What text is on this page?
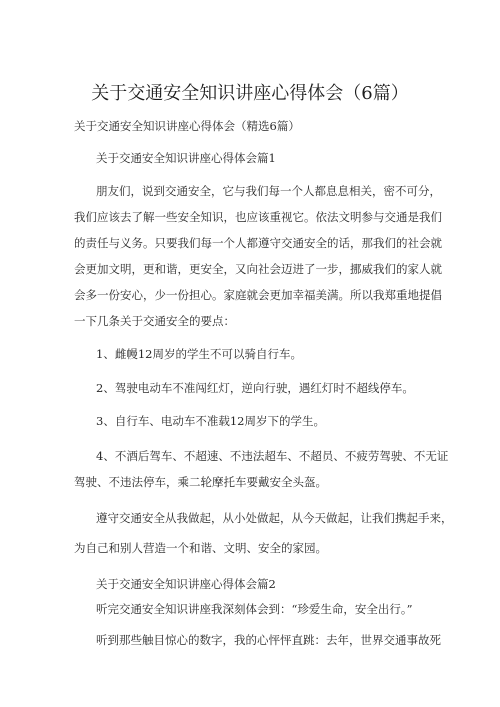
关于交通安全知识讲座心得体会（6篇）
关于交通安全知识讲座心得体会（精选6篇）
关于交通安全知识讲座心得体会篇1
朋友们，说到交通安全，它与我们每一个人都息息相关，密不可分，
我们应该去了解一些安全知识，也应该重视它。依法文明参与交通是我们
的责任与义务。只要我们每一个人都遵守交通安全的话，那我们的社会就
会更加文明，更和谐，更安全，又向社会迈进了一步，挪威我们的家人就
会多一份安心，少一份担心。家庭就会更加幸福美满。所以我郑重地提倡
一下几条关于交通安全的要点：
1、雌幔12周岁的学生不可以骑自行车。
2、驾驶电动车不准闯红灯，逆向行驶，遇红灯时不超线停车。
3、自行车、电动车不准载12周岁下的学生。
4、不酒后驾车、不超速、不违法超车、不超员、不疲劳驾驶、不无证
驾驶、不违法停车，乘二轮摩托车要戴安全头盔。
遵守交通安全从我做起，从小处做起，从今天做起，让我们携起手来，
为自己和别人营造一个和谐、文明、安全的家园。
关于交通安全知识讲座心得体会篇2
听完交通安全知识讲座我深刻体会到：“珍爱生命，安全出行。”
听到那些触目惊心的数字，我的心怦怦直跳：去年，世界交通事故死
